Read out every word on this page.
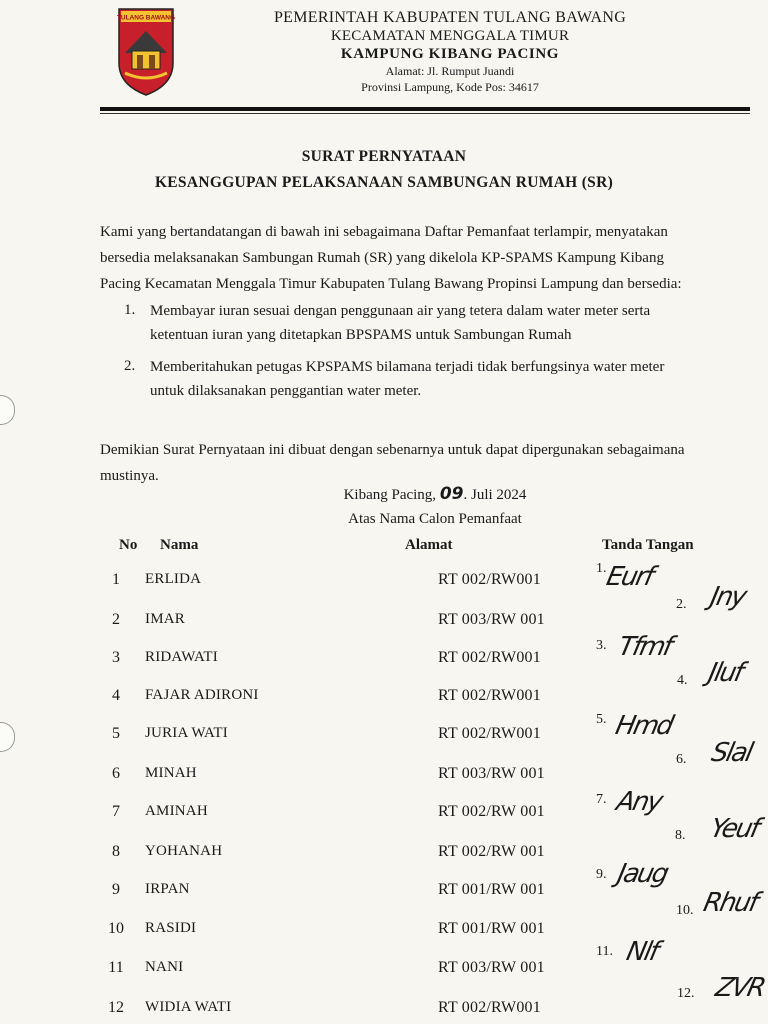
TULANG BAWANG	PEMERINTAH KABUPATEN TULANG BAWANG
KECAMATAN MENGGALA TIMUR
KAMPUNG KIBANG PACING
Alamat: Jl. Rumput Juandi
Provinsi Lampung, Kode Pos: 34617
SURAT PERNYATAAN
KESANGGUPAN PELAKSANAAN SAMBUNGAN RUMAH (SR)
Kami yang bertandatangan di bawah ini sebagaimana Daftar Pemanfaat terlampir, menyatakan
bersedia melaksanakan Sambungan Rumah (SR) yang dikelola KP-SPAMS Kampung Kibang
Pacing Kecamatan Menggala Timur Kabupaten Tulang Bawang Propinsi Lampung dan bersedia:
1. Membayar iuran sesuai dengan penggunaan air yang tetera dalam water meter serta
ketentuan iuran yang ditetapkan BPSPAMS untuk Sambungan Rumah
2. Memberitahukan petugas KPSPAMS bilamana terjadi tidak berfungsinya water meter
untuk dilaksanakan penggantian water meter.
Demikian Surat Pernyataan ini dibuat dengan sebenarnya untuk dapat dipergunakan sebagaimana
mustinya.
Kibang Pacing, 09. Juli 2024
Atas Nama Calon Pemanfaat
No Nama	Alamat	Tanda Tangan
1	ERLIDA	RT 002/RW001
1.
Eurf
2	IMAR	RT 003/RW 001
2. Jny
3	RIDAWATI	RT 002/RW001
3. Tfmf
4	FAJAR ADIRONI	RT 002/RW001
4. Jluf
5	JURIA WATI	RT 002/RW001
5. Hmd
6	MINAH	RT 003/RW 001
6. Slal
7	AMINAH	RT 002/RW 001
7. Any
8	YOHANAH	RT 002/RW 001
8. Yeuf
9	IRPAN	RT 001/RW 001
9. Jaug
10	RASIDI	RT 001/RW 001
10. Rhuf
11	NANI	RT 003/RW 001
11. Nlf
12	WIDIA WATI	RT 002/RW001
12. ZVR
